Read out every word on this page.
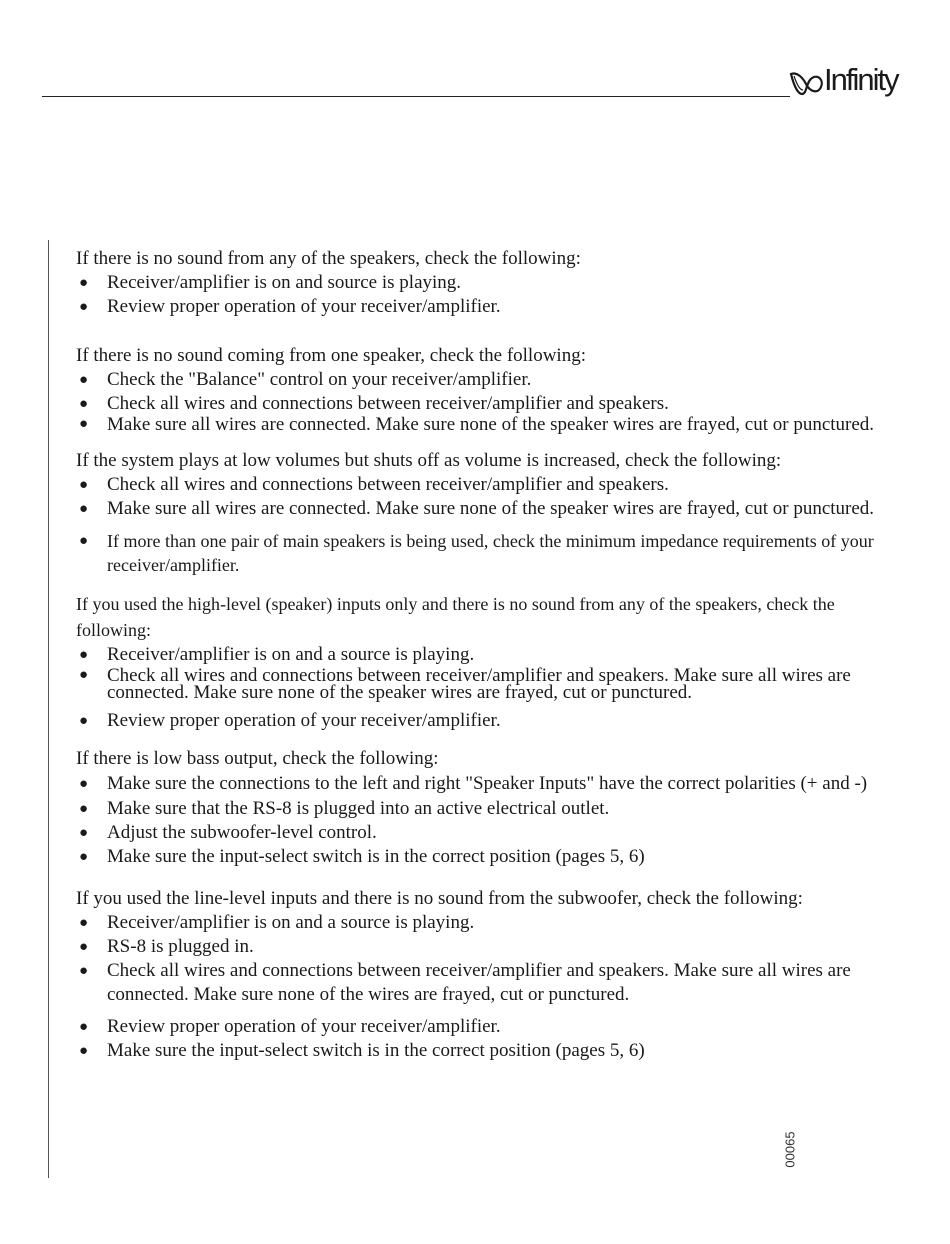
Infinity

If there is no sound from any of the speakers, check the following:

● Receiver/amplifier is on and source is playing.
● Review proper operation of your receiver/amplifier.

If there is no sound coming from one speaker, check the following:

● Check the "Balance" control on your receiver/amplifier.
● Check all wires and connections between receiver/amplifier and speakers.
● Make sure all wires are connected. Make sure none of the speaker wires are frayed, cut or punctured.

If the system plays at low volumes but shuts off as volume is increased, check the following:

● Check all wires and connections between receiver/amplifier and speakers.
● Make sure all wires are connected. Make sure none of the speaker wires are frayed, cut or punctured.
● If more than one pair of main speakers is being used, check the minimum impedance requirements of your receiver/amplifier.

If you used the high-level (speaker) inputs only and there is no sound from any of the speakers, check the following:

● Receiver/amplifier is on and a source is playing.
● Check all wires and connections between receiver/amplifier and speakers. Make sure all wires are connected. Make sure none of the speaker wires are frayed, cut or punctured.
● Review proper operation of your receiver/amplifier.

If there is low bass output, check the following:

● Make sure the connections to the left and right "Speaker Inputs" have the correct polarities (+ and -)
● Make sure that the RS-8 is plugged into an active electrical outlet.
● Adjust the subwoofer-level control.
● Make sure the input-select switch is in the correct position (pages 5, 6)

If you used the line-level inputs and there is no sound from the subwoofer, check the following:

● Receiver/amplifier is on and a source is playing.
● RS-8 is plugged in.
● Check all wires and connections between receiver/amplifier and speakers. Make sure all wires are connected. Make sure none of the wires are frayed, cut or punctured.
● Review proper operation of your receiver/amplifier.
● Make sure the input-select switch is in the correct position (pages 5, 6)
00065
